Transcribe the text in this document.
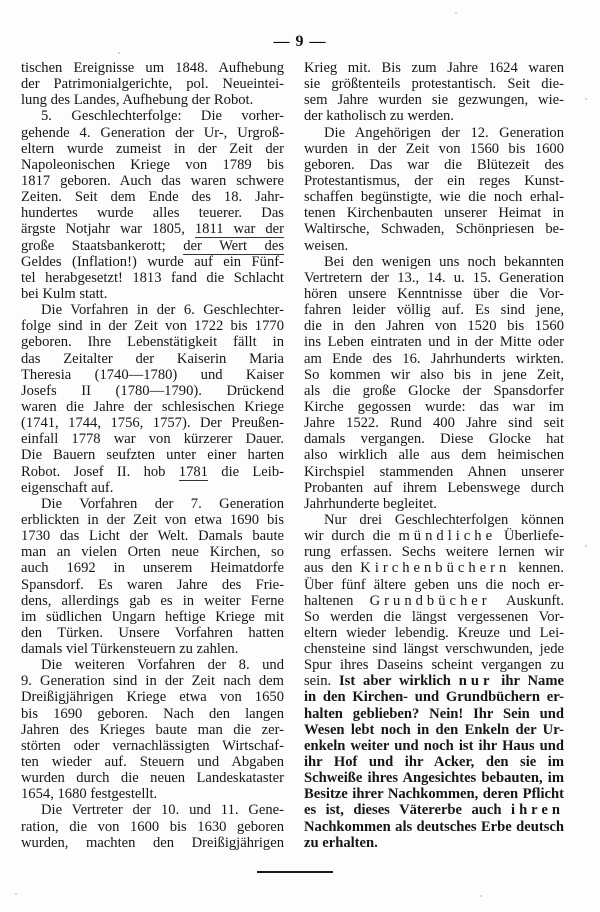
— 9 —
tischen Ereignisse um 1848. Aufhebung
der Patrimonialgerichte, pol. Neueintei-
lung des Landes, Aufhebung der Robot.
5. Geschlechterfolge: Die vorher-
gehende 4. Generation der Ur-, Urgroß-
eltern wurde zumeist in der Zeit der
Napoleonischen Kriege von 1789 bis
1817 geboren. Auch das waren schwere
Zeiten. Seit dem Ende des 18. Jahr-
hundertes wurde alles teuerer. Das
ärgste Notjahr war 1805, 1811 war der
große Staatsbankerott; der Wert des
Geldes (Inflation!) wurde auf ein Fünf-
tel herabgesetzt! 1813 fand die Schlacht
bei Kulm statt.
Die Vorfahren in der 6. Geschlechter-
folge sind in der Zeit von 1722 bis 1770
geboren. Ihre Lebenstätigkeit fällt in
das Zeitalter der Kaiserin Maria
Theresia (1740—1780) und Kaiser
Josefs II (1780—1790). Drückend
waren die Jahre der schlesischen Kriege
(1741, 1744, 1756, 1757). Der Preußen-
einfall 1778 war von kürzerer Dauer.
Die Bauern seufzten unter einer harten
Robot. Josef II. hob 1781 die Leib-
eigenschaft auf.
Die Vorfahren der 7. Generation
erblickten in der Zeit von etwa 1690 bis
1730 das Licht der Welt. Damals baute
man an vielen Orten neue Kirchen, so
auch 1692 in unserem Heimatdorfe
Spansdorf. Es waren Jahre des Frie-
dens, allerdings gab es in weiter Ferne
im südlichen Ungarn heftige Kriege mit
den Türken. Unsere Vorfahren hatten
damals viel Türkensteuern zu zahlen.
Die weiteren Vorfahren der 8. und
9. Generation sind in der Zeit nach dem
Dreißigjährigen Kriege etwa von 1650
bis 1690 geboren. Nach den langen
Jahren des Krieges baute man die zer-
störten oder vernachlässigten Wirtschaf-
ten wieder auf. Steuern und Abgaben
wurden durch die neuen Landeskataster
1654, 1680 festgestellt.
Die Vertreter der 10. und 11. Gene-
ration, die von 1600 bis 1630 geboren
wurden, machten den Dreißigjährigen
Krieg mit. Bis zum Jahre 1624 waren
sie größtenteils protestantisch. Seit die-
sem Jahre wurden sie gezwungen, wie-
der katholisch zu werden.
Die Angehörigen der 12. Generation
wurden in der Zeit von 1560 bis 1600
geboren. Das war die Blütezeit des
Protestantismus, der ein reges Kunst-
schaffen begünstigte, wie die noch erhal-
tenen Kirchenbauten unserer Heimat in
Waltirsche, Schwaden, Schönpriesen be-
weisen.
Bei den wenigen uns noch bekannten
Vertretern der 13., 14. u. 15. Generation
hören unsere Kenntnisse über die Vor-
fahren leider völlig auf. Es sind jene,
die in den Jahren von 1520 bis 1560
ins Leben eintraten und in der Mitte oder
am Ende des 16. Jahrhunderts wirkten.
So kommen wir also bis in jene Zeit,
als die große Glocke der Spansdorfer
Kirche gegossen wurde: das war im
Jahre 1522. Rund 400 Jahre sind seit
damals vergangen. Diese Glocke hat
also wirklich alle aus dem heimischen
Kirchspiel stammenden Ahnen unserer
Probanten auf ihrem Lebenswege durch
Jahrhunderte begleitet.
Nur drei Geschlechterfolgen können
wir durch die mündliche Überliefe-
rung erfassen. Sechs weitere lernen wir
aus den Kirchenbüchern kennen.
Über fünf ältere geben uns die noch er-
haltenen Grundbücher Auskunft.
So werden die längst vergessenen Vor-
eltern wieder lebendig. Kreuze und Lei-
chensteine sind längst verschwunden, jede
Spur ihres Daseins scheint vergangen zu
sein. Ist aber wirklich nur ihr Name
in den Kirchen- und Grundbüchern er-
halten geblieben? Nein! Ihr Sein und
Wesen lebt noch in den Enkeln der Ur-
enkeln weiter und noch ist ihr Haus und
ihr Hof und ihr Acker, den sie im
Schweiße ihres Angesichtes bebauten, im
Besitze ihrer Nachkommen, deren Pflicht
es ist, dieses Vätererbe auch ihren
Nachkommen als deutsches Erbe deutsch
zu erhalten.
